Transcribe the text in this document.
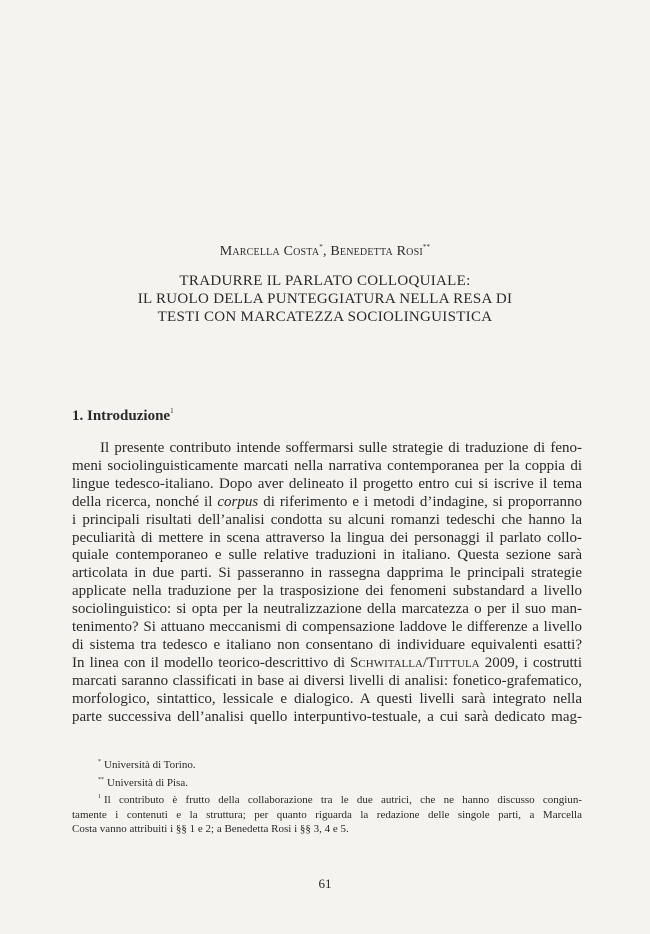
Marcella Costa*, Benedetta Rosi**
TRADURRE IL PARLATO COLLOQUIALE:
IL RUOLO DELLA PUNTEGGIATURA NELLA RESA DI
TESTI CON MARCATEZZA SOCIOLINGUISTICA
1. Introduzione$^1$
Il presente contributo intende soffermarsi sulle strategie di traduzione di feno-
meni sociolinguisticamente marcati nella narrativa contemporanea per la coppia di
lingue tedesco-italiano. Dopo aver delineato il progetto entro cui si iscrive il tema
della ricerca, nonché il corpus di riferimento e i metodi d’indagine, si proporranno
i principali risultati dell’analisi condotta su alcuni romanzi tedeschi che hanno la
peculiarità di mettere in scena attraverso la lingua dei personaggi il parlato collo-
quiale contemporaneo e sulle relative traduzioni in italiano. Questa sezione sarà
articolata in due parti. Si passeranno in rassegna dapprima le principali strategie
applicate nella traduzione per la trasposizione dei fenomeni substandard a livello
sociolinguistico: si opta per la neutralizzazione della marcatezza o per il suo man-
tenimento? Si attuano meccanismi di compensazione laddove le differenze a livello
di sistema tra tedesco e italiano non consentano di individuare equivalenti esatti?
In linea con il modello teorico-descrittivo di Schwitalla/Tiittula 2009, i costrutti
marcati saranno classificati in base ai diversi livelli di analisi: fonetico-grafematico,
morfologico, sintattico, lessicale e dialogico. A questi livelli sarà integrato nella
parte successiva dell’analisi quello interpuntivo-testuale, a cui sarà dedicato mag-
* Università di Torino.
** Università di Pisa.
$^1$ Il contributo è frutto della collaborazione tra le due autrici, che ne hanno discusso congiun-
tamente i contenuti e la struttura; per quanto riguarda la redazione delle singole parti, a Marcella
Costa vanno attribuiti i §§ 1 e 2; a Benedetta Rosi i §§ 3, 4 e 5.
61
